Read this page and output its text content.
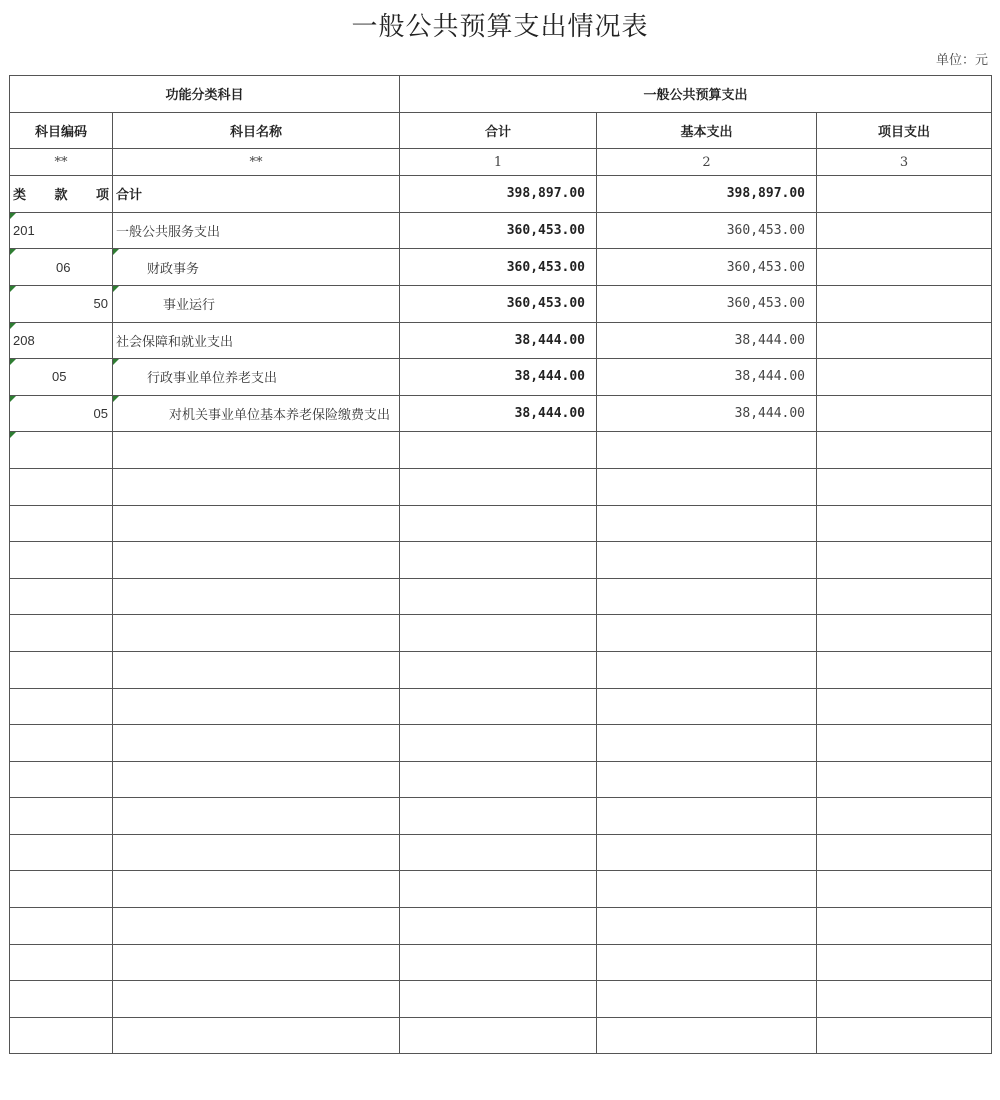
一般公共预算支出情况表
单位：元
功能分类科目		一般公共预算支出		
科目编码	科目名称	合计	基本支出	项目支出
**	**	1	2	3

类 款 项	合计	398,897.00	398,897.00	
201	一般公共服务支出	360,453.00	360,453.00	
06	财政事务	360,453.00	360,453.00	
50	事业运行	360,453.00	360,453.00	
208	社会保障和就业支出	38,444.00	38,444.00	
05	行政事业单位养老支出	38,444.00	38,444.00	
05	对机关事业单位基本养老保险缴费支出	38,444.00	38,444.00	
